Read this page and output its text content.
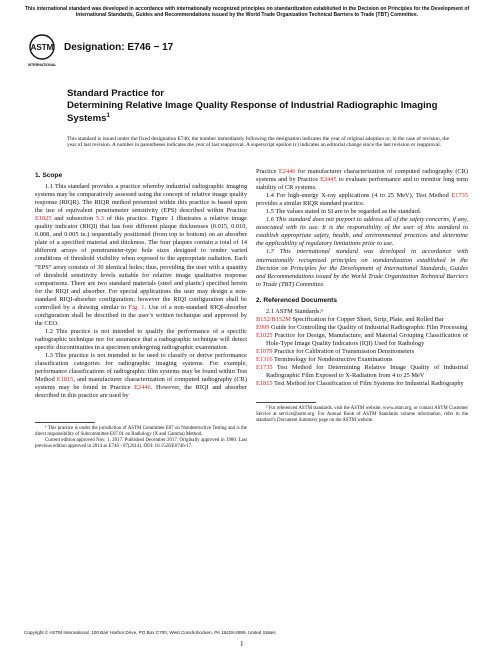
This international standard was developed in accordance with internationally recognized principles on standardization established in the Decision on Principles for the Development of International Standards, Guides and Recommendations issued by the World Trade Organization Technical Barriers to Trade (TBT) Committee.
ASTM
INTERNATIONAL
Designation: E746 − 17
Standard Practice for
Determining Relative Image Quality Response of Industrial Radiographic Imaging Systems$^1$
This standard is issued under the fixed designation E746; the number immediately following the designation indicates the year of original adoption or, in the case of revision, the year of last revision. A number in parentheses indicates the year of last reapproval. A superscript epsilon (ε) indicates an editorial change since the last revision or reapproval.

1. Scope

1.1 This standard provides a practice whereby industrial radiographic imaging systems may be comparatively assessed using the concept of relative image quality response (RIQR). The RIQR method presented within this practice is based upon the use of equivalent penetrameter sensitivity (EPS) described within Practice E1025 and subsection 5.3 of this practice. Figure 1 illustrates a relative image quality indicator (RIQI) that has four different plaque thicknesses (0.015, 0.010, 0.008, and 0.005 in.) sequentially positioned (from top to bottom) on an absorber plate of a specified material and thickness. The four plaques contain a total of 14 different arrays of penetrameter-type hole sizes designed to render varied conditions of threshold visibility when exposed to the appropriate radiation. Each “EPS” array consists of 30 identical holes; thus, providing the user with a quantity of threshold sensitivity levels suitable for relative image qualitative response comparisons. There are two standard materials (steel and plastic) specified herein for the RIQI and absorber. For special applications the user may design a non-standard RIQI-absorber configuration; however the RIQI configuration shall be controlled by a drawing similar to Fig. 1. Use of a non-standard RIQI-absorber configuration shall be described in the user’s written technique and approved by the CEO.

1.2 This practice is not intended to qualify the performance of a specific radiographic technique nor for assurance that a radiographic technique will detect specific discontinuities in a specimen undergoing radiographic examination.

1.3 This practice is not intended to be used to classify or derive performance classification categories for radiographic imaging systems. For example, performance classifications of radiographic film systems may be found within Test Method E1815, and manufacturer characterization of computed radiography (CR) systems may be found in Practice E2446. However, the RIQI and absorber described in this practice are used by

¹ This practice is under the jurisdiction of ASTM Committee E07 on Nondestructive Testing and is the direct responsibility of Subcommittee E07.01 on Radiology (X and Gamma) Method.

Current edition approved Nov. 1, 2017. Published December 2017. Originally approved in 1980. Last previous edition approved in 2014 as E746 - 07(2014). DOI: 10.1520/E0746-17.

Practice E2446 for manufacturer characterization of computed radiography (CR) systems and by Practice E2445 to evaluate performance and to monitor long term stability of CR systems.

1.4 For high-energy X-ray applications (4 to 25 MeV), Test Method E1735 provides a similar RIQR standard practice.

1.5 The values stated in SI are to be regarded as the standard.

1.6 This standard does not purport to address all of the safety concerns, if any, associated with its use. It is the responsibility of the user of this standard to establish appropriate safety, health, and environmental practices and determine the applicability of regulatory limitations prior to use.

1.7 This international standard was developed in accordance with internationally recognized principles on standardization established in the Decision on Principles for the Development of International Standards, Guides and Recommendations issued by the World Trade Organization Technical Barriers to Trade (TBT) Committee.

2. Referenced Documents

2.1 ASTM Standards:²

B152/B152M Specification for Copper Sheet, Strip, Plate, and Rolled Bar

E999 Guide for Controlling the Quality of Industrial Radiographic Film Processing

E1025 Practice for Design, Manufacture, and Material Grouping Classification of Hole-Type Image Quality Indicators (IQI) Used for Radiology

E1079 Practice for Calibration of Transmission Densitometers

E1316 Terminology for Nondestructive Examinations

E1735 Test Method for Determining Relative Image Quality of Industrial Radiographic Film Exposed to X-Radiation from 4 to 25 MeV

E1815 Test Method for Classification of Film Systems for Industrial Radiography

² For referenced ASTM standards, visit the ASTM website, www.astm.org, or contact ASTM Customer Service at service@astm.org. For Annual Book of ASTM Standards volume information, refer to the standard’s Document Summary page on the ASTM website.

Copyright © ASTM International, 100 Barr Harbor Drive, PO Box C700, West Conshohocken, PA 19428-2959. United States
1
